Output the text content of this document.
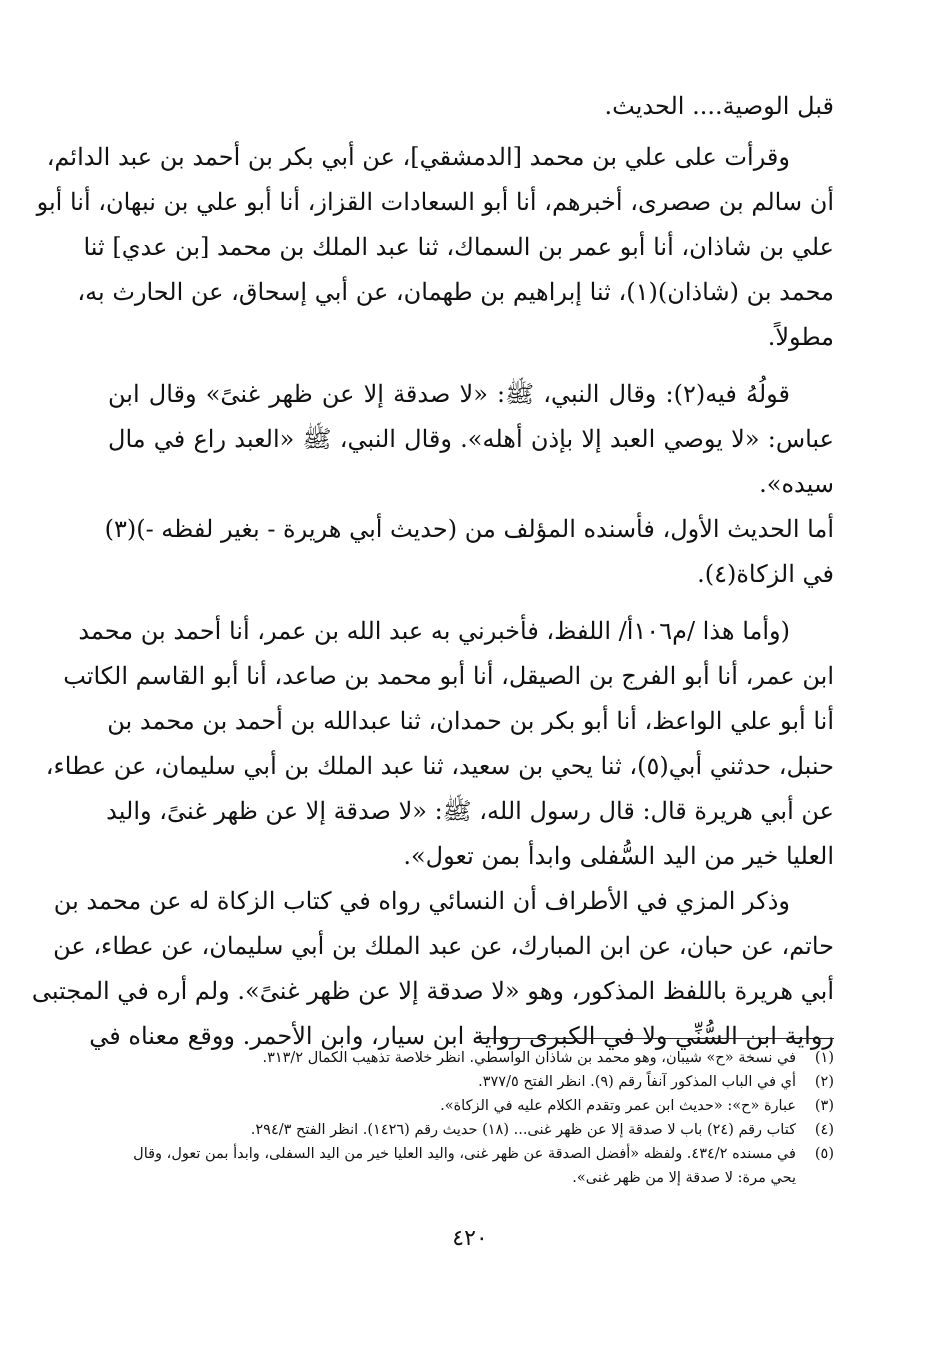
قبل الوصية.... الحديث.
وقرأت على علي بن محمد [الدمشقي]، عن أبي بكر بن أحمد بن عبد الدائم،
أن سالم بن صصرى، أخبرهم، أنا أبو السعادات القزاز، أنا أبو علي بن نبهان، أنا أبو
علي بن شاذان، أنا أبو عمر بن السماك، ثنا عبد الملك بن محمد [بن عدي] ثنا
محمد بن (شاذان)(١)، ثنا إبراهيم بن طهمان، عن أبي إسحاق، عن الحارث به،
مطولاً.
قولُهُ فيه(٢): وقال النبي، ﷺ: «لا صدقة إلا عن ظهر غنىً» وقال ابن
عباس: «لا يوصي العبد إلا بإذن أهله». وقال النبي، ﷺ «العبد راع في مال
سيده».
أما الحديث الأول، فأسنده المؤلف من (حديث أبي هريرة - بغير لفظه -)(٣)
في الزكاة(٤).
(وأما هذا /م١٠٦أ/ اللفظ، فأخبرني به عبد الله بن عمر، أنا أحمد بن محمد
ابن عمر، أنا أبو الفرج بن الصيقل، أنا أبو محمد بن صاعد، أنا أبو القاسم الكاتب
أنا أبو علي الواعظ، أنا أبو بكر بن حمدان، ثنا عبدالله بن أحمد بن محمد بن
حنبل، حدثني أبي(٥)، ثنا يحي بن سعيد، ثنا عبد الملك بن أبي سليمان، عن عطاء،
عن أبي هريرة قال: قال رسول الله، ﷺ: «لا صدقة إلا عن ظهر غنىً، واليد
العليا خير من اليد السُّفلى وابدأ بمن تعول».
وذكر المزي في الأطراف أن النسائي رواه في كتاب الزكاة له عن محمد بن
حاتم، عن حبان، عن ابن المبارك، عن عبد الملك بن أبي سليمان، عن عطاء، عن
أبي هريرة باللفظ المذكور، وهو «لا صدقة إلا عن ظهر غنىً». ولم أره في المجتبى
رواية ابن السُّنِّي ولا في الكبرى رواية ابن سيار، وابن الأحمر. ووقع معناه في
(١)
في نسخة «ح» شيبان، وهو محمد بن شاذان الواسطي. انظر خلاصة تذهيب الكمال ٣١٣/٢.
(٢)
أي في الباب المذكور آنفاً رقم (٩). انظر الفتح ٣٧٧/٥.
(٣)
عبارة «ح»: «حديث ابن عمر وتقدم الكلام عليه في الزكاة».
(٤)
كتاب رقم (٢٤) باب لا صدقة إلا عن ظهر غنى... (١٨) حديث رقم (١٤٢٦). انظر الفتح ٢٩٤/٣.
(٥)
في مسنده ٤٣٤/٢. ولفظه «أفضل الصدقة عن ظهر غنى، واليد العليا خير من اليد السفلى، وابدأ بمن تعول، وقال يحي مرة: لا صدقة إلا من ظهر غنى».
٤٢٠
